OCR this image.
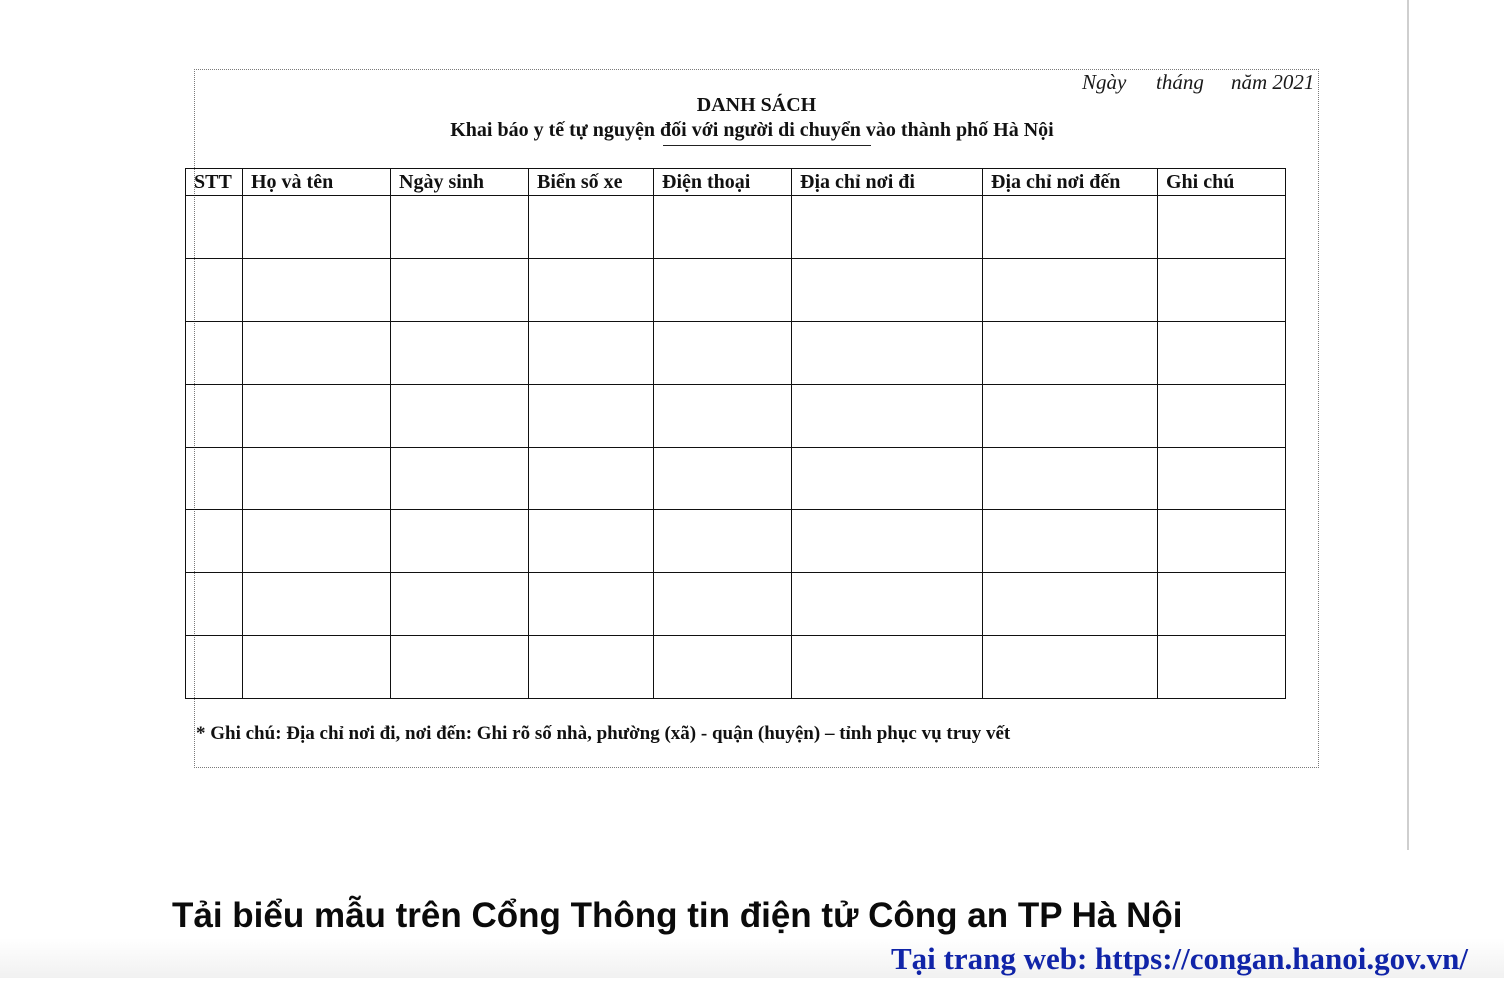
Ngày tháng năm 2021
DANH SÁCH
Khai báo y tế tự nguyện đối với người di chuyển vào thành phố Hà Nội
STT	Họ và tên	Ngày sinh	Biển số xe	Điện thoại	Địa chỉ nơi đi	Địa chỉ nơi đến	Ghi chú

* Ghi chú: Địa chỉ nơi đi, nơi đến: Ghi rõ số nhà, phường (xã) - quận (huyện) – tỉnh phục vụ truy vết
Tải biểu mẫu trên Cổng Thông tin điện tử Công an TP Hà Nội
Tại trang web: https://congan.hanoi.gov.vn/
